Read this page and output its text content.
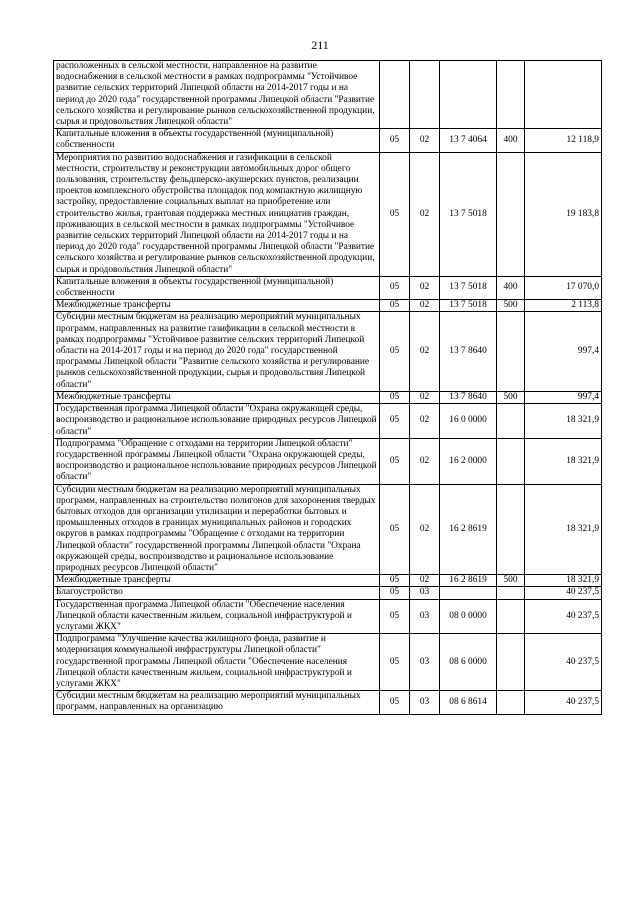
211
расположенных в сельской местности, направленное на развитие водоснабжения в сельской местности в рамках подпрограммы "Устойчивое развитие сельских территорий Липецкой области на 2014-2017 годы и на период до 2020 года" государственной программы Липецкой области "Развитие сельского хозяйства и регулирование рынков сельскохозяйственной продукции, сырья и продовольствия Липецкой области"					
Капитальные вложения в объекты государственной (муниципальной) собственности	05	02	13 7 4064	400	12 118,9
Мероприятия по развитию водоснабжения и газификации в сельской местности, строительству и реконструкции автомобильных дорог общего пользования, строительству фельдшерско-акушерских пунктов, реализации проектов комплексного обустройства площадок под компактную жилищную застройку, предоставление социальных выплат на приобретение или строительство жилья, грантовая поддержка местных инициатив граждан, проживающих в сельской местности в рамках подпрограммы "Устойчивое развитие сельских территорий Липецкой области на 2014-2017 годы и на период до 2020 года" государственной программы Липецкой области "Развитие сельского хозяйства и регулирование рынков сельскохозяйственной продукции, сырья и продовольствия Липецкой области"	05	02	13 7 5018		19 183,8
Капитальные вложения в объекты государственной (муниципальной) собственности	05	02	13 7 5018	400	17 070,0
Межбюджетные трансферты	05	02	13 7 5018	500	2 113,8
Субсидии местным бюджетам на реализацию мероприятий муниципальных программ, направленных на развитие газификации в сельской местности в рамках подпрограммы "Устойчивое развитие сельских территорий Липецкой области на 2014-2017 годы и на период до 2020 года" государственной программы Липецкой области "Развитие сельского хозяйства и регулирование рынков сельскохозяйственной продукции, сырья и продовольствия Липецкой области"	05	02	13 7 8640		997,4
Межбюджетные трансферты	05	02	13 7 8640	500	997,4
Государственная программа Липецкой области "Охрана окружающей среды, воспроизводство и рациональное использование природных ресурсов Липецкой области"	05	02	16 0 0000		18 321,9
Подпрограмма "Обращение с отходами на территории Липецкой области" государственной программы Липецкой области "Охрана окружающей среды, воспроизводство и рациональное использование природных ресурсов Липецкой области"	05	02	16 2 0000		18 321,9
Субсидии местным бюджетам на реализацию мероприятий муниципальных программ, направленных на строительство полигонов для захоронения твердых бытовых отходов для организации утилизации и переработки бытовых и промышленных отходов в границах муниципальных районов и городских округов в рамках подпрограммы "Обращение с отходами на территории Липецкой области" государственной программы Липецкой области "Охрана окружающей среды, воспроизводство и рациональное использование природных ресурсов Липецкой области"	05	02	16 2 8619		18 321,9
Межбюджетные трансферты	05	02	16 2 8619	500	18 321,9
Благоустройство	05	03			40 237,5
Государственная программа Липецкой области "Обеспечение населения Липецкой области качественным жильем, социальной инфраструктурой и услугами ЖКХ"	05	03	08 0 0000		40 237,5
Подпрограмма "Улучшение качества жилищного фонда, развитие и модернизация коммунальной инфраструктуры Липецкой области" государственной программы Липецкой области "Обеспечение населения Липецкой области качественным жильем, социальной инфраструктурой и услугами ЖКХ"	05	03	08 6 0000		40 237,5
Субсидии местным бюджетам на реализацию мероприятий муниципальных программ, направленных на организацию	05	03	08 6 8614		40 237,5
